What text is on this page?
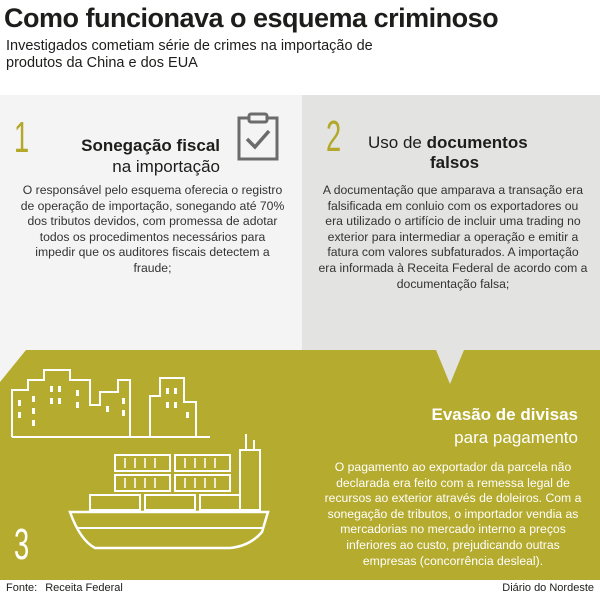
Como funcionava o esquema criminoso
Investigados cometiam série de crimes na importação de produtos da China e dos EUA
1	Sonegação fiscal
na importação
O responsável pelo esquema oferecia o registro de operação de importação, sonegando até 70% dos tributos devidos, com promessa de adotar todos os procedimentos necessários para impedir que os auditores fiscais detectem a fraude;
2 Uso de documentos
falsos
A documentação que amparava a transação era falsificada em conluio com os exportadores ou era utilizado o artifício de incluir uma trading no exterior para intermediar a operação e emitir a fatura com valores subfaturados. A importação era informada à Receita Federal de acordo com a documentação falsa;
3
Evasão de divisas
para pagamento
O pagamento ao exportador da parcela não declarada era feito com a remessa legal de recursos ao exterior através de doleiros. Com a sonegação de tributos, o importador vendia as mercadorias no mercado interno a preços inferiores ao custo, prejudicando outras empresas (concorrência desleal).
Fonte: Receita Federal	Diário do Nordeste
